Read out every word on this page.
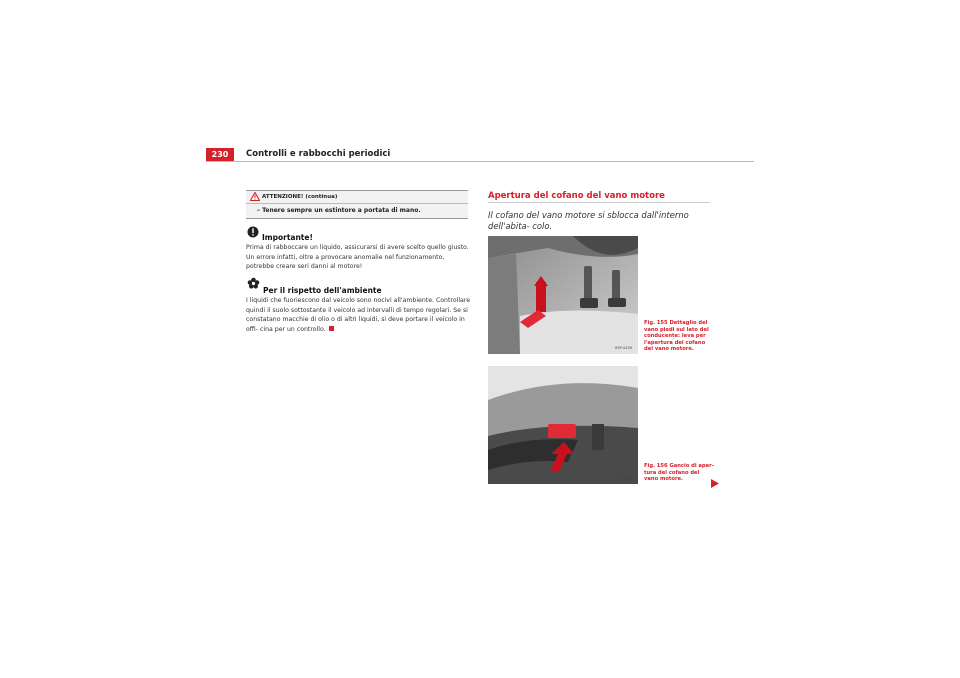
230	Controlli e rabbocchi periodici
ATTENZIONE! (continua)
– Tenere sempre un estintore a portata di mano.
Importante!
Prima di rabboccare un liquido, assicurarsi di avere scelto quello giusto. Un errore infatti, oltre a provocare anomalie nel funzionamento, potrebbe creare seri danni al motore!
Per il rispetto dell'ambiente
I liquidi che fuoriescono dal veicolo sono nocivi all'ambiente. Controllare quindi il suolo sottostante il veicolo ad intervalli di tempo regolari. Se si constatano macchie di olio o di altri liquidi, si deve portare il veicolo in offi- cina per un controllo.
Apertura del cofano del vano motore
Il cofano del vano motore si sblocca dall'interno dell'abita- colo.
B5P-0439
Fig. 155 Dettaglio del vano piedi sul lato del conducente: leva per l'apertura del cofano del vano motore.
B5P-0066
Fig. 156 Gancio di aper- tura del cofano del vano motore.
